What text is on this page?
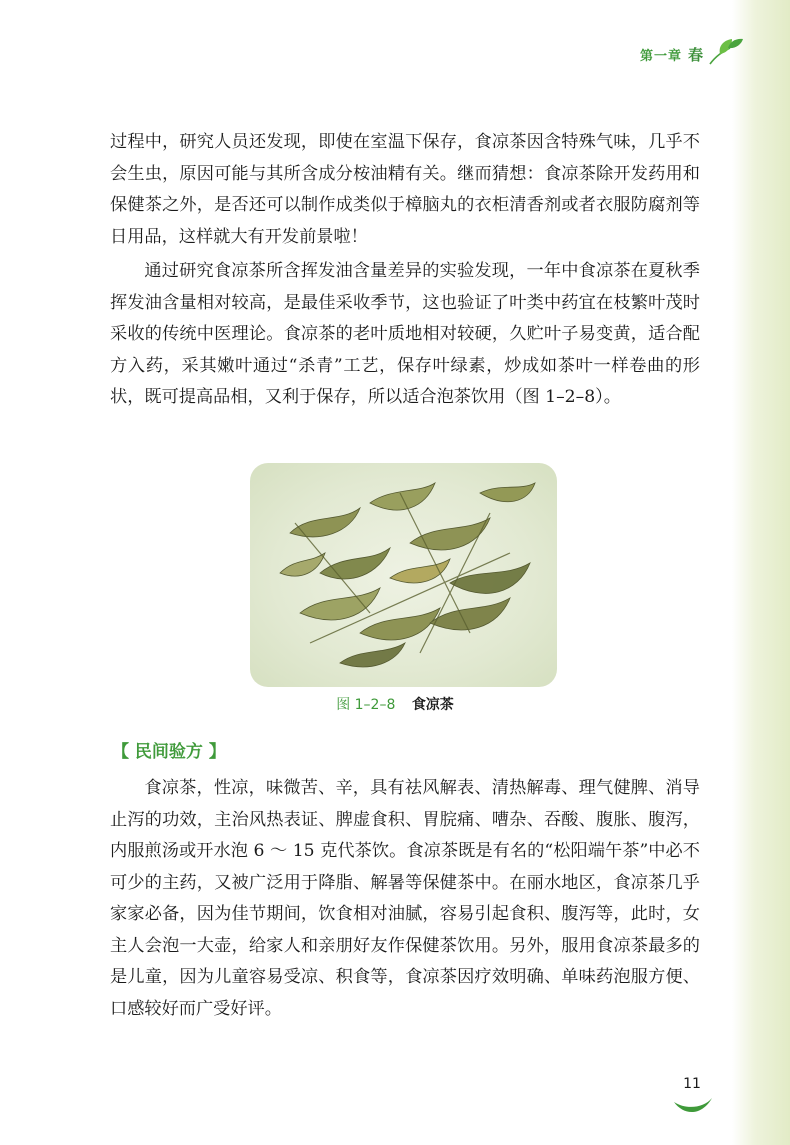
第一章 春

过程中，研究人员还发现，即使在室温下保存，食凉茶因含特殊气味，几乎不会生虫，原因可能与其所含成分桉油精有关。继而猜想：食凉茶除开发药用和保健茶之外，是否还可以制作成类似于樟脑丸的衣柜清香剂或者衣服防腐剂等日用品，这样就大有开发前景啦！

通过研究食凉茶所含挥发油含量差异的实验发现，一年中食凉茶在夏秋季挥发油含量相对较高，是最佳采收季节，这也验证了叶类中药宜在枝繁叶茂时采收的传统中医理论。食凉茶的老叶质地相对较硬，久贮叶子易变黄，适合配方入药，采其嫩叶通过“杀青”工艺，保存叶绿素，炒成如茶叶一样卷曲的形状，既可提高品相，又利于保存，所以适合泡茶饮用（图 1–2–8）。

图 1–2–8 食凉茶
【 民间验方 】

食凉茶，性凉，味微苦、辛，具有祛风解表、清热解毒、理气健脾、消导止泻的功效，主治风热表证、脾虚食积、胃脘痛、嘈杂、吞酸、腹胀、腹泻，内服煎汤或开水泡 6 ～ 15 克代茶饮。食凉茶既是有名的“松阳端午茶”中必不可少的主药，又被广泛用于降脂、解暑等保健茶中。在丽水地区，食凉茶几乎家家必备，因为佳节期间，饮食相对油腻，容易引起食积、腹泻等，此时，女主人会泡一大壶，给家人和亲朋好友作保健茶饮用。另外，服用食凉茶最多的是儿童，因为儿童容易受凉、积食等，食凉茶因疗效明确、单味药泡服方便、口感较好而广受好评。

11
